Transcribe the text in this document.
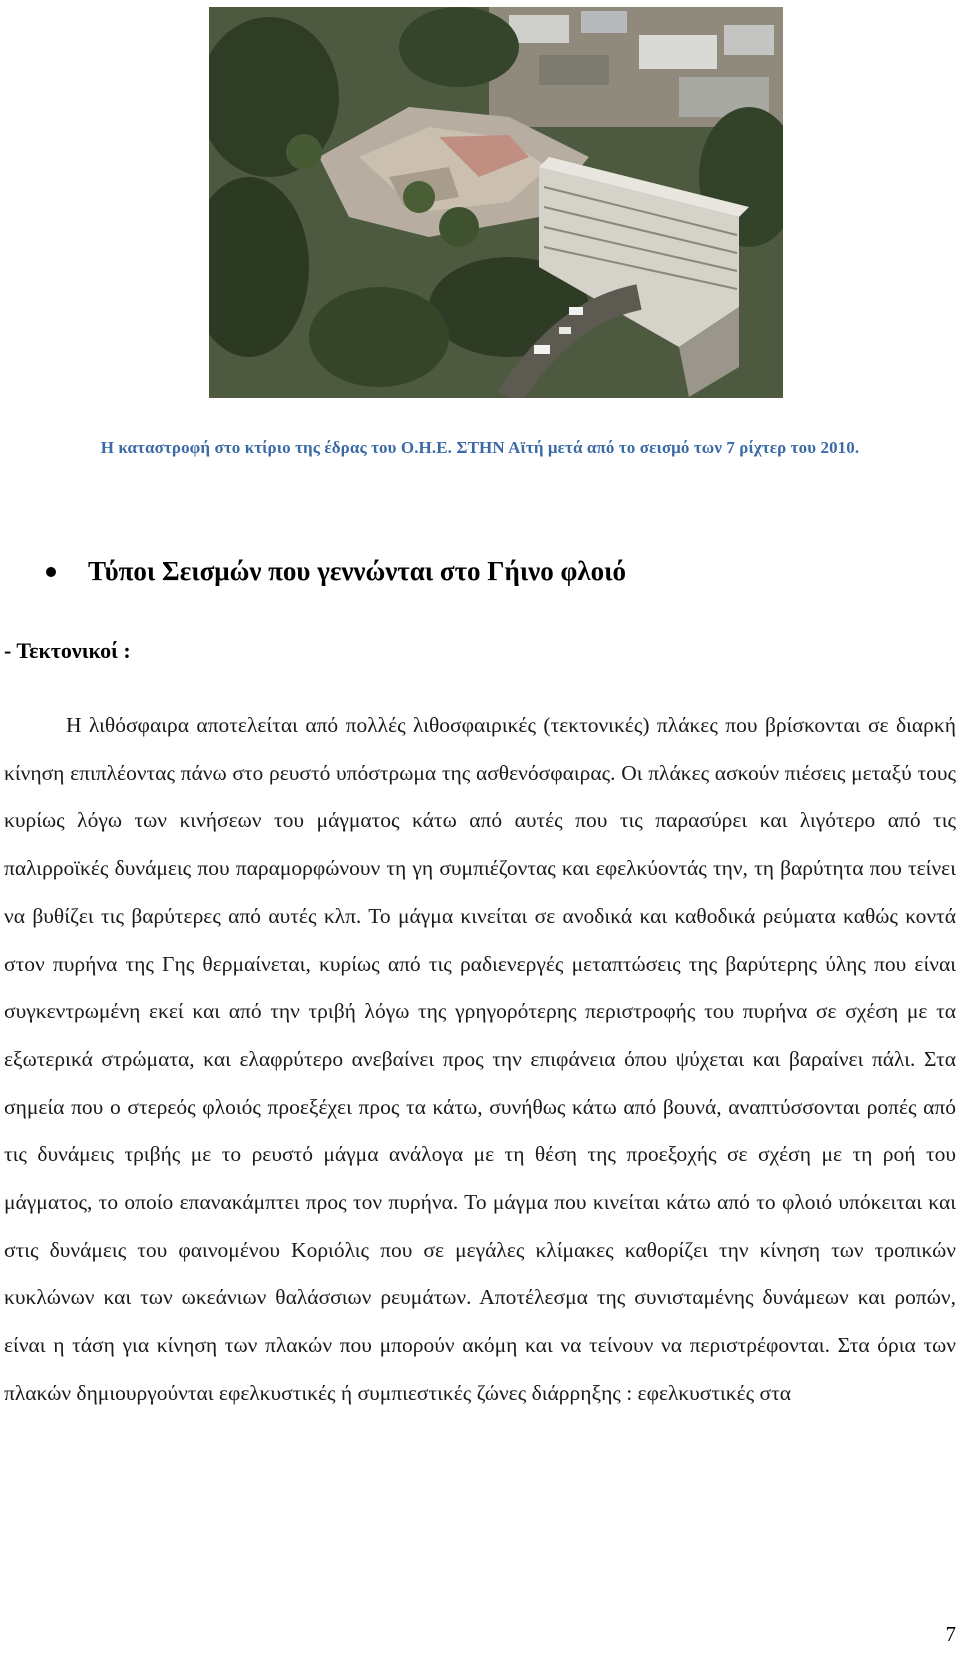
Η καταστροφή στο κτίριο της έδρας του Ο.Η.Ε. ΣΤΗΝ Αϊτή μετά από το σεισμό των 7 ρίχτερ του 2010.
Τύποι Σεισμών που γεννώνται στο Γήινο φλοιό
- Τεκτονικοί :

Η λιθόσφαιρα αποτελείται από πολλές λιθοσφαιρικές (τεκτονικές) πλάκες που βρίσκονται σε διαρκή κίνηση επιπλέοντας πάνω στο ρευστό υπόστρωμα της ασθενόσφαιρας. Οι πλάκες ασκούν πιέσεις μεταξύ τους κυρίως λόγω των κινήσεων του μάγματος κάτω από αυτές που τις παρασύρει και λιγότερο από τις παλιρροϊκές δυνάμεις που παραμορφώνουν τη γη συμπιέζοντας και εφελκύοντάς την, τη βαρύτητα που τείνει να βυθίζει τις βαρύτερες από αυτές κλπ. Το μάγμα κινείται σε ανοδικά και καθοδικά ρεύματα καθώς κοντά στον πυρήνα της Γης θερμαίνεται, κυρίως από τις ραδιενεργές μεταπτώσεις της βαρύτερης ύλης που είναι συγκεντρωμένη εκεί και από την τριβή λόγω της γρηγορότερης περιστροφής του πυρήνα σε σχέση με τα εξωτερικά στρώματα, και ελαφρύτερο ανεβαίνει προς την επιφάνεια όπου ψύχεται και βαραίνει πάλι. Στα σημεία που ο στερεός φλοιός προεξέχει προς τα κάτω, συνήθως κάτω από βουνά, αναπτύσσονται ροπές από τις δυνάμεις τριβής με το ρευστό μάγμα ανάλογα με τη θέση της προεξοχής σε σχέση με τη ροή του μάγματος, το οποίο επανακάμπτει προς τον πυρήνα. Το μάγμα που κινείται κάτω από το φλοιό υπόκειται και στις δυνάμεις του φαινομένου Κοριόλις που σε μεγάλες κλίμακες καθορίζει την κίνηση των τροπικών κυκλώνων και των ωκεάνιων θαλάσσιων ρευμάτων. Αποτέλεσμα της συνισταμένης δυνάμεων και ροπών, είναι η τάση για κίνηση των πλακών που μπορούν ακόμη και να τείνουν να περιστρέφονται. Στα όρια των πλακών δημιουργούνται εφελκυστικές ή συμπιεστικές ζώνες διάρρηξης : εφελκυστικές στα

7
